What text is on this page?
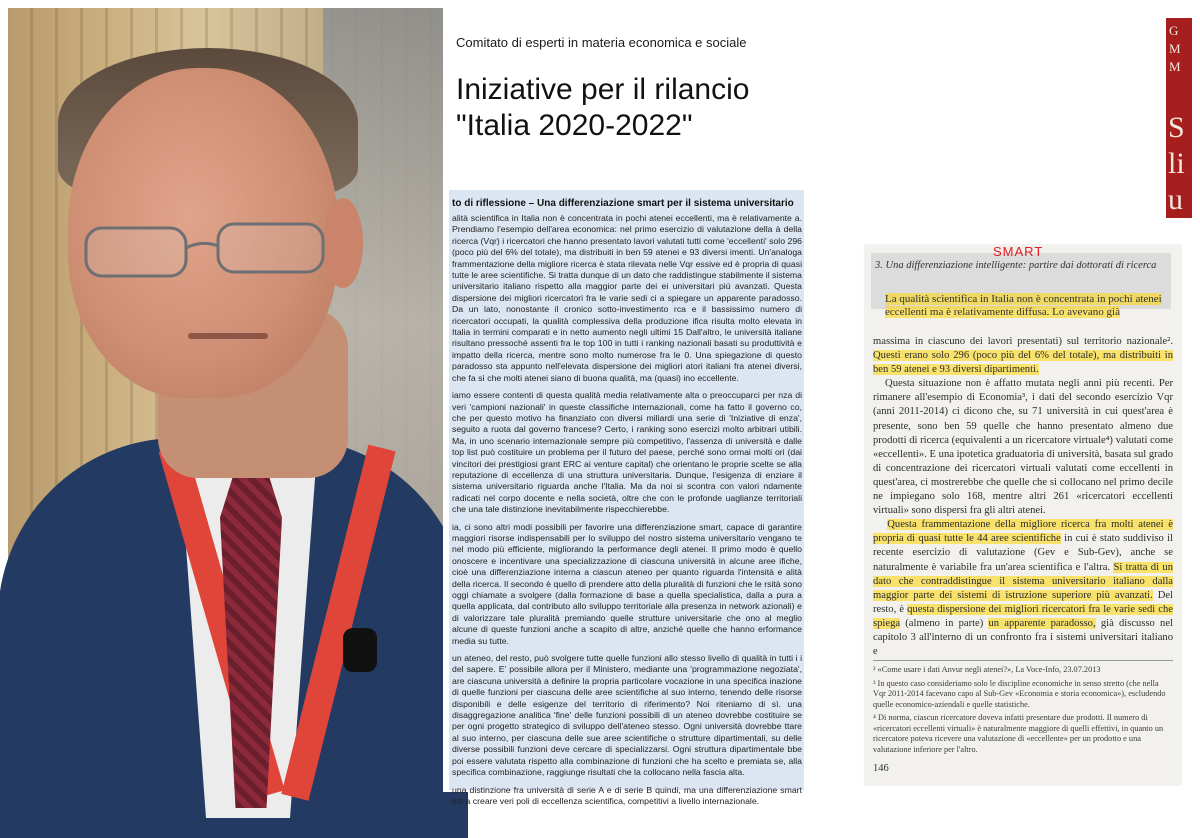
Comitato di esperti in materia economica e sociale
Iniziative per il rilancio
"Italia 2020-2022"
to di riflessione – Una differenziazione smart per il sistema universitario

alità scientifica in Italia non è concentrata in pochi atenei eccellenti, ma è relativamente a. Prendiamo l'esempio dell'area economica: nel primo esercizio di valutazione della à della ricerca (Vqr) i ricercatori che hanno presentato lavori valutati tutti come 'eccellenti' solo 296 (poco più del 6% del totale), ma distribuiti in ben 59 atenei e 93 diversi imenti. Un'analoga frammentazione della migliore ricerca è stata rilevata nelle Vqr essive ed è propria di quasi tutte le aree scientifiche. Si tratta dunque di un dato che raddistingue stabilmente il sistema universitario italiano rispetto alla maggior parte dei ei universitari più avanzati. Questa dispersione dei migliori ricercatori fra le varie sedi ci a spiegare un apparente paradosso. Da un lato, nonostante il cronico sotto-investimento rca e il bassissimo numero di ricercatori occupati, la qualità complessiva della produzione ifica risulta molto elevata in Italia in termini comparati e in netto aumento negli ultimi 15 Dall'altro, le università italiane risultano pressoché assenti fra le top 100 in tutti i ranking nazionali basati su produttività e impatto della ricerca, mentre sono molto numerose fra le 0. Una spiegazione di questo paradosso sta appunto nell'elevata dispersione dei migliori atori italiani fra atenei diversi, che fa sì che molti atenei siano di buona qualità, ma (quasi) ino eccellente.

iamo essere contenti di questa qualità media relativamente alta o preoccuparci per nza di veri 'campioni nazionali' in queste classifiche internazionali, come ha fatto il governo co, che per questo motivo ha finanziato con diversi miliardi una serie di 'Iniziative di enza', seguito a ruota dal governo francese? Certo, i ranking sono esercizi molto arbitrari utibili. Ma, in uno scenario internazionale sempre più competitivo, l'assenza di università e dalle top list può costituire un problema per il futuro del paese, perché sono ormai molti ori (dai vincitori dei prestigiosi grant ERC ai venture capital) che orientano le proprie scelte se alla reputazione di eccellenza di una struttura universitaria. Dunque, l'esigenza di enziare il sistema universitario riguarda anche l'Italia. Ma da noi si scontra con valori ndamente radicati nel corpo docente e nella società, oltre che con le profonde uaglianze territoriali che una tale distinzione inevitabilmente rispecchierebbe.

ia, ci sono altri modi possibili per favorire una differenziazione smart, capace di garantire maggiori risorse indispensabili per lo sviluppo del nostro sistema universitario vengano te nel modo più efficiente, migliorando la performance degli atenei. Il primo modo è quello onoscere e incentivare una specializzazione di ciascuna università in alcune aree ifiche, cioè una differenziazione interna a ciascun ateneo per quanto riguarda l'intensità e alità della ricerca. Il secondo è quello di prendere atto della pluralità di funzioni che le rsità sono oggi chiamate a svolgere (dalla formazione di base a quella specialistica, dalla a pura a quella applicata, dal contributo allo sviluppo territoriale alla presenza in network azionali) e di valorizzare tale pluralità premiando quelle strutture universitarie che ono al meglio alcune di queste funzioni anche a scapito di altre, anziché quelle che hanno erformance media su tutte.

un ateneo, del resto, può svolgere tutte quelle funzioni allo stesso livello di qualità in tutti i i del sapere. E' possibile allora per il Ministero, mediante una 'programmazione negoziata', are ciascuna università a definire la propria particolare vocazione in una specifica inazione di quelle funzioni per ciascuna delle aree scientifiche al suo interno, tenendo delle risorse disponibili e delle esigenze del territorio di riferimento? Noi riteniamo di sì. una disaggregazione analitica 'fine' delle funzioni possibili di un ateneo dovrebbe costituire se per ogni progetto strategico di sviluppo dell'ateneo stesso. Ogni università dovrebbe ttare al suo interno, per ciascuna delle sue aree scientifiche o strutture dipartimentali, su delle diverse possibili funzioni deve cercare di specializzarsi. Ogni struttura dipartimentale bbe poi essere valutata rispetto alla combinazione di funzioni che ha scelto e premiata se, alla specifica combinazione, raggiunge risultati che la collocano nella fascia alta.

una distinzione fra università di serie A e di serie B quindi, ma una differenziazione smart iuti a creare veri poli di eccellenza scientifica, competitivi a livello internazionale.

SMART
3. Una differenziazione intelligente: partire dai dottorati di ricerca
La qualità scientifica in Italia non è concentrata in pochi atenei eccellenti ma è relativamente diffusa. Lo avevano già
massima in ciascuno dei lavori presentati) sul territorio nazionale². Questi erano solo 296 (poco più del 6% del totale), ma distribuiti in ben 59 atenei e 93 diversi dipartimenti.
Questa situazione non è affatto mutata negli anni più recenti. Per rimanere all'esempio di Economia³, i dati del secondo esercizio Vqr (anni 2011-2014) ci dicono che, su 71 università in cui quest'area è presente, sono ben 59 quelle che hanno presentato almeno due prodotti di ricerca (equivalenti a un ricercatore virtuale⁴) valutati come «eccellenti». E una ipotetica graduatoria di università, basata sul grado di concentrazione dei ricercatori virtuali valutati come eccellenti in quest'area, ci mostrerebbe che quelle che si collocano nel primo decile ne impiegano solo 168, mentre altri 261 «ricercatori eccellenti virtuali» sono dispersi fra gli altri atenei.
Questa frammentazione della migliore ricerca fra molti atenei è propria di quasi tutte le 44 aree scientifiche in cui è stato suddiviso il recente esercizio di valutazione (Gev e Sub-Gev), anche se naturalmente è variabile fra un'area scientifica e l'altra. Si tratta di un dato che contraddistingue il sistema universitario italiano dalla maggior parte dei sistemi di istruzione superiore più avanzati. Del resto, è questa dispersione dei migliori ricercatori fra le varie sedi che spiega (almeno in parte) un apparente paradosso, già discusso nel capitolo 3 all'interno di un confronto fra i sistemi universitari italiano e

³ «Come usare i dati Anvur negli atenei?», La Voce-Info, 23.07.2013

³ In questo caso consideriamo solo le discipline economiche in senso stretto (che nella Vqr 2011-2014 facevano capo al Sub-Gev «Economia e storia economica»), escludendo quelle economico-aziendali e quelle statistiche.

⁴ Di norma, ciascun ricercatore doveva infatti presentare due prodotti. Il numero di «ricercatori eccellenti virtuali» è naturalmente maggiore di quelli effettivi, in quanto un ricercatore poteva ricevere una valutazione di «eccellente» per un prodotto e una valutazione inferiore per l'altro.

146
G
M
M
S
li
u
